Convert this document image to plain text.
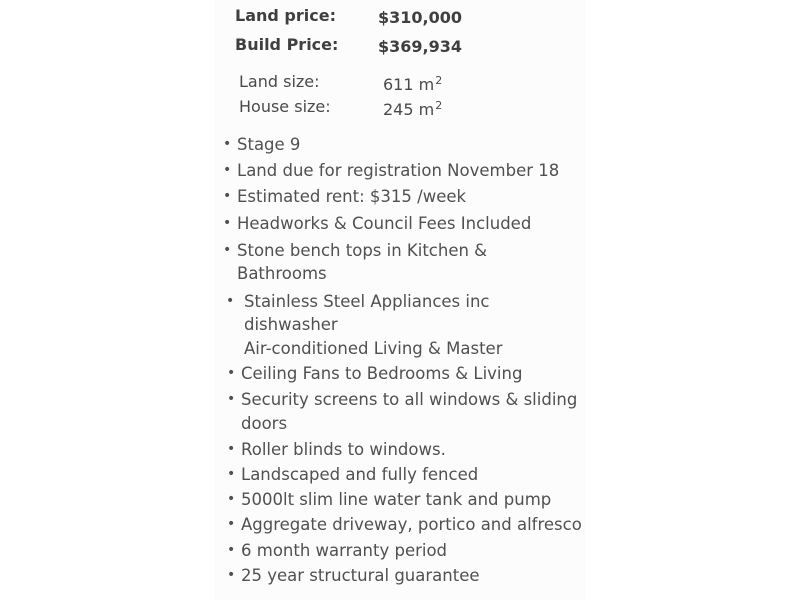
Land price:	$310,000
Build Price: $369,934
Land size:	611 $m^2$
House size:	245 $m^2$
• Stage 9
• Land due for registration November 18
• Estimated rent: $315 /week
• Headworks & Council Fees Included
• Stone bench tops in Kitchen &
Bathrooms
• Stainless Steel Appliances inc
dishwasher
Air-conditioned Living & Master
• Ceiling Fans to Bedrooms & Living
• Security screens to all windows & sliding
doors
• Roller blinds to windows.
• Landscaped and fully fenced
• 5000lt slim line water tank and pump
• Aggregate driveway, portico and alfresco
• 6 month warranty period
• 25 year structural guarantee
